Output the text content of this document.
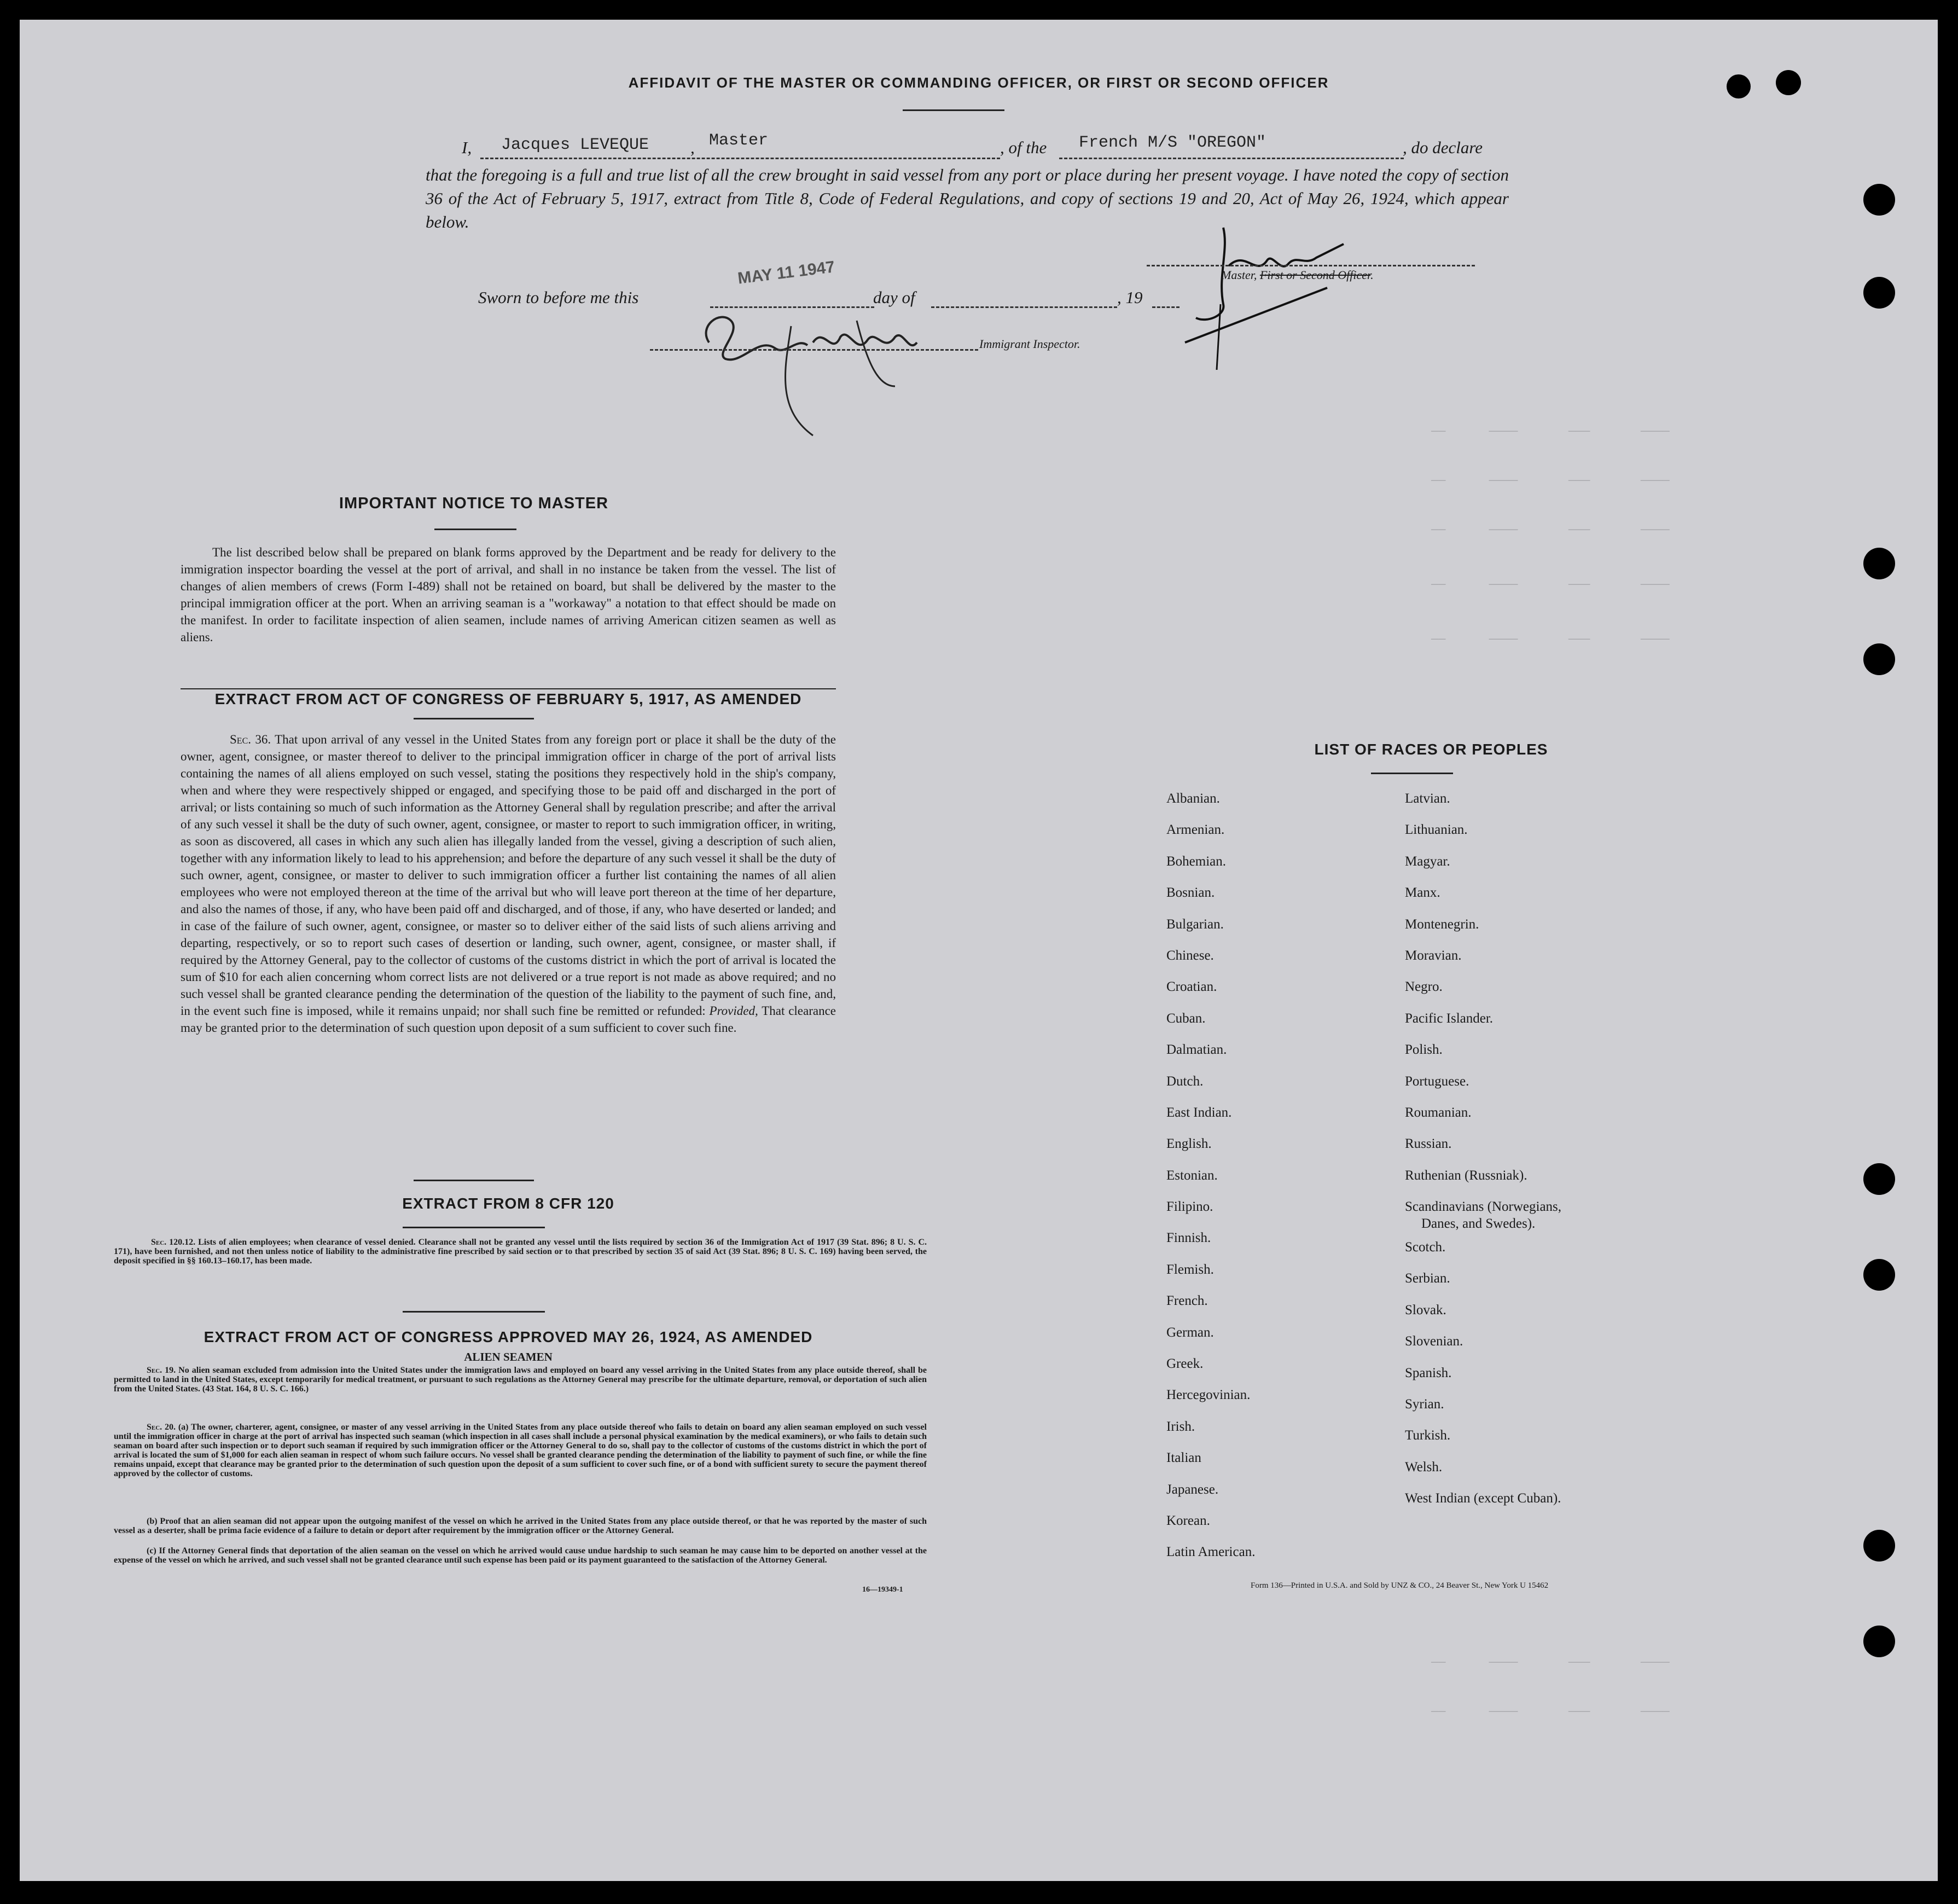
——      ————       ———       ————
——      ————       ———       ————
——      ————       ———       ————
——      ————       ———       ————
——      ————       ———       ————
——      ————       ———       ————
——      ————       ———       ————
AFFIDAVIT OF THE MASTER OR COMMANDING OFFICER, OR FIRST OR SECOND OFFICER
I, Jacques LEVEQUE , Master	, of the French M/S "OREGON"	, do declare
that the foregoing is a full and true list of all the crew brought in said vessel from any port or place during her present voyage. I have noted the copy of section 36 of the Act of February 5, 1917, extract from Title 8, Code of Federal Regulations, and copy of sections 19 and 20, Act of May 26, 1924, which appear below.
Master, First or Second Officer.
Sworn to before me this
MAY 11 1947
day of	, 19
Immigrant Inspector.
IMPORTANT NOTICE TO MASTER
The list described below shall be prepared on blank forms approved by the Department and be ready for delivery to the immigration inspector boarding the vessel at the port of arrival, and shall in no instance be taken from the vessel. The list of changes of alien members of crews (Form I-489) shall not be retained on board, but shall be delivered by the master to the principal immigration officer at the port. When an arriving seaman is a "workaway" a notation to that effect should be made on the manifest. In order to facilitate inspection of alien seamen, include names of arriving American citizen seamen as well as aliens.
EXTRACT FROM ACT OF CONGRESS OF FEBRUARY 5, 1917, AS AMENDED
Sec. 36. That upon arrival of any vessel in the United States from any foreign port or place it shall be the duty of the owner, agent, consignee, or master thereof to deliver to the principal immigration officer in charge of the port of arrival lists containing the names of all aliens employed on such vessel, stating the positions they respectively hold in the ship's company, when and where they were respectively shipped or engaged, and specifying those to be paid off and discharged in the port of arrival; or lists containing so much of such information as the Attorney General shall by regulation prescribe; and after the arrival of any such vessel it shall be the duty of such owner, agent, consignee, or master to report to such immigration officer, in writing, as soon as discovered, all cases in which any such alien has illegally landed from the vessel, giving a description of such alien, together with any information likely to lead to his apprehension; and before the departure of any such vessel it shall be the duty of such owner, agent, consignee, or master to deliver to such immigration officer a further list containing the names of all alien employees who were not employed thereon at the time of the arrival but who will leave port thereon at the time of her departure, and also the names of those, if any, who have been paid off and discharged, and of those, if any, who have deserted or landed; and in case of the failure of such owner, agent, consignee, or master so to deliver either of the said lists of such aliens arriving and departing, respectively, or so to report such cases of desertion or landing, such owner, agent, consignee, or master shall, if required by the Attorney General, pay to the collector of customs of the customs district in which the port of arrival is located the sum of $10 for each alien concerning whom correct lists are not delivered or a true report is not made as above required; and no such vessel shall be granted clearance pending the determination of the question of the liability to the payment of such fine, and, in the event such fine is imposed, while it remains unpaid; nor shall such fine be remitted or refunded: Provided, That clearance may be granted prior to the determination of such question upon deposit of a sum sufficient to cover such fine.
EXTRACT FROM 8 CFR 120
Sec. 120.12. Lists of alien employees; when clearance of vessel denied. Clearance shall not be granted any vessel until the lists required by section 36 of the Immigration Act of 1917 (39 Stat. 896; 8 U. S. C. 171), have been furnished, and not then unless notice of liability to the administrative fine prescribed by said section or to that prescribed by section 35 of said Act (39 Stat. 896; 8 U. S. C. 169) having been served, the deposit specified in §§ 160.13–160.17, has been made.
EXTRACT FROM ACT OF CONGRESS APPROVED MAY 26, 1924, AS AMENDED
ALIEN SEAMEN
Sec. 19. No alien seaman excluded from admission into the United States under the immigration laws and employed on board any vessel arriving in the United States from any place outside thereof, shall be permitted to land in the United States, except temporarily for medical treatment, or pursuant to such regulations as the Attorney General may prescribe for the ultimate departure, removal, or deportation of such alien from the United States. (43 Stat. 164, 8 U. S. C. 166.)
Sec. 20. (a) The owner, charterer, agent, consignee, or master of any vessel arriving in the United States from any place outside thereof who fails to detain on board any alien seaman employed on such vessel until the immigration officer in charge at the port of arrival has inspected such seaman (which inspection in all cases shall include a personal physical examination by the medical examiners), or who fails to detain such seaman on board after such inspection or to deport such seaman if required by such immigration officer or the Attorney General to do so, shall pay to the collector of customs of the customs district in which the port of arrival is located the sum of $1,000 for each alien seaman in respect of whom such failure occurs. No vessel shall be granted clearance pending the determination of the liability to payment of such fine, or while the fine remains unpaid, except that clearance may be granted prior to the determination of such question upon the deposit of a sum sufficient to cover such fine, or of a bond with sufficient surety to secure the payment thereof approved by the collector of customs.
(b) Proof that an alien seaman did not appear upon the outgoing manifest of the vessel on which he arrived in the United States from any place outside thereof, or that he was reported by the master of such vessel as a deserter, shall be prima facie evidence of a failure to detain or deport after requirement by the immigration officer or the Attorney General.
(c) If the Attorney General finds that deportation of the alien seaman on the vessel on which he arrived would cause undue hardship to such seaman he may cause him to be deported on another vessel at the expense of the vessel on which he arrived, and such vessel shall not be granted clearance until such expense has been paid or its payment guaranteed to the satisfaction of the Attorney General.
16—19349-1
LIST OF RACES OR PEOPLES
Albanian.
Armenian.
Bohemian.
Bosnian.
Bulgarian.
Chinese.
Croatian.
Cuban.
Dalmatian.
Dutch.
East Indian.
English.
Estonian.
Filipino.
Finnish.
Flemish.
French.
German.
Greek.
Hercegovinian.
Irish.
Italian
Japanese.
Korean.
Latin American.
Latvian.
Lithuanian.
Magyar.
Manx.
Montenegrin.
Moravian.
Negro.
Pacific Islander.
Polish.
Portuguese.
Roumanian.
Russian.
Ruthenian (Russniak).
Scandinavians (Norwegians,
Danes, and Swedes).
Scotch.
Serbian.
Slovak.
Slovenian.
Spanish.
Syrian.
Turkish.
Welsh.
West Indian (except Cuban).
Form 136—Printed in U.S.A. and Sold by UNZ & CO., 24 Beaver St., New York U 15462
